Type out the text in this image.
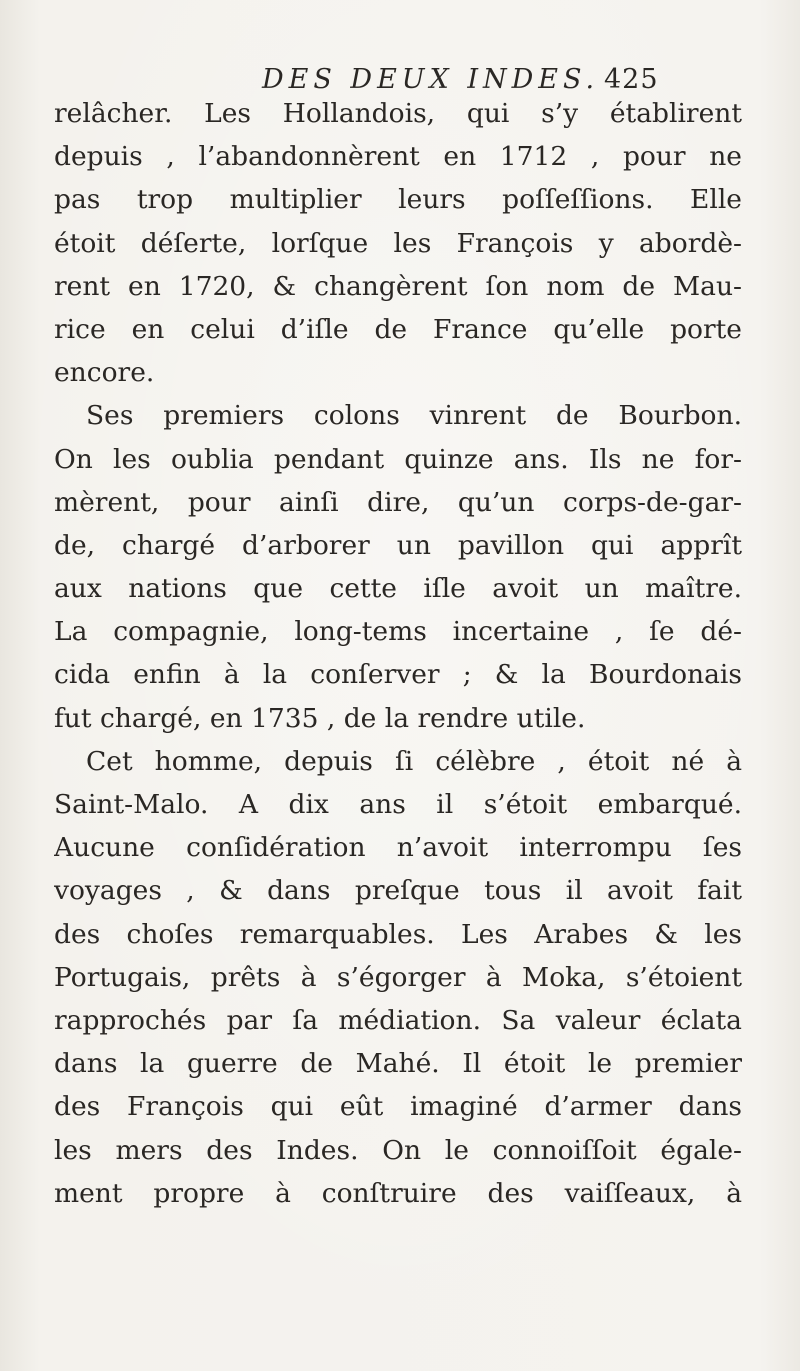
DES DEUX INDES. 425
relâcher. Les Hollandois, qui s’y établirent
depuis , l’abandonnèrent en 1712 , pour ne
pas trop multiplier leurs poſſeſſions. Elle
étoit déſerte, lorſque les François y abordè-
rent en 1720, & changèrent ſon nom de Mau-
rice en celui d’iſle de France qu’elle porte
encore.
Ses premiers colons vinrent de Bourbon.
On les oublia pendant quinze ans. Ils ne for-
mèrent, pour ainſi dire, qu’un corps-de-gar-
de, chargé d’arborer un pavillon qui apprît
aux nations que cette iſle avoit un maître.
La compagnie, long-tems incertaine , ſe dé-
cida enfin à la conſerver ; & la Bourdonais
fut chargé, en 1735 , de la rendre utile.
Cet homme, depuis ſi célèbre , étoit né à
Saint-Malo. A dix ans il s’étoit embarqué.
Aucune conſidération n’avoit interrompu ſes
voyages , & dans preſque tous il avoit fait
des choſes remarquables. Les Arabes & les
Portugais, prêts à s’égorger à Moka, s’étoient
rapprochés par ſa médiation. Sa valeur éclata
dans la guerre de Mahé. Il étoit le premier
des François qui eût imaginé d’armer dans
les mers des Indes. On le connoiſſoit égale-
ment propre à conſtruire des vaiſſeaux, à
